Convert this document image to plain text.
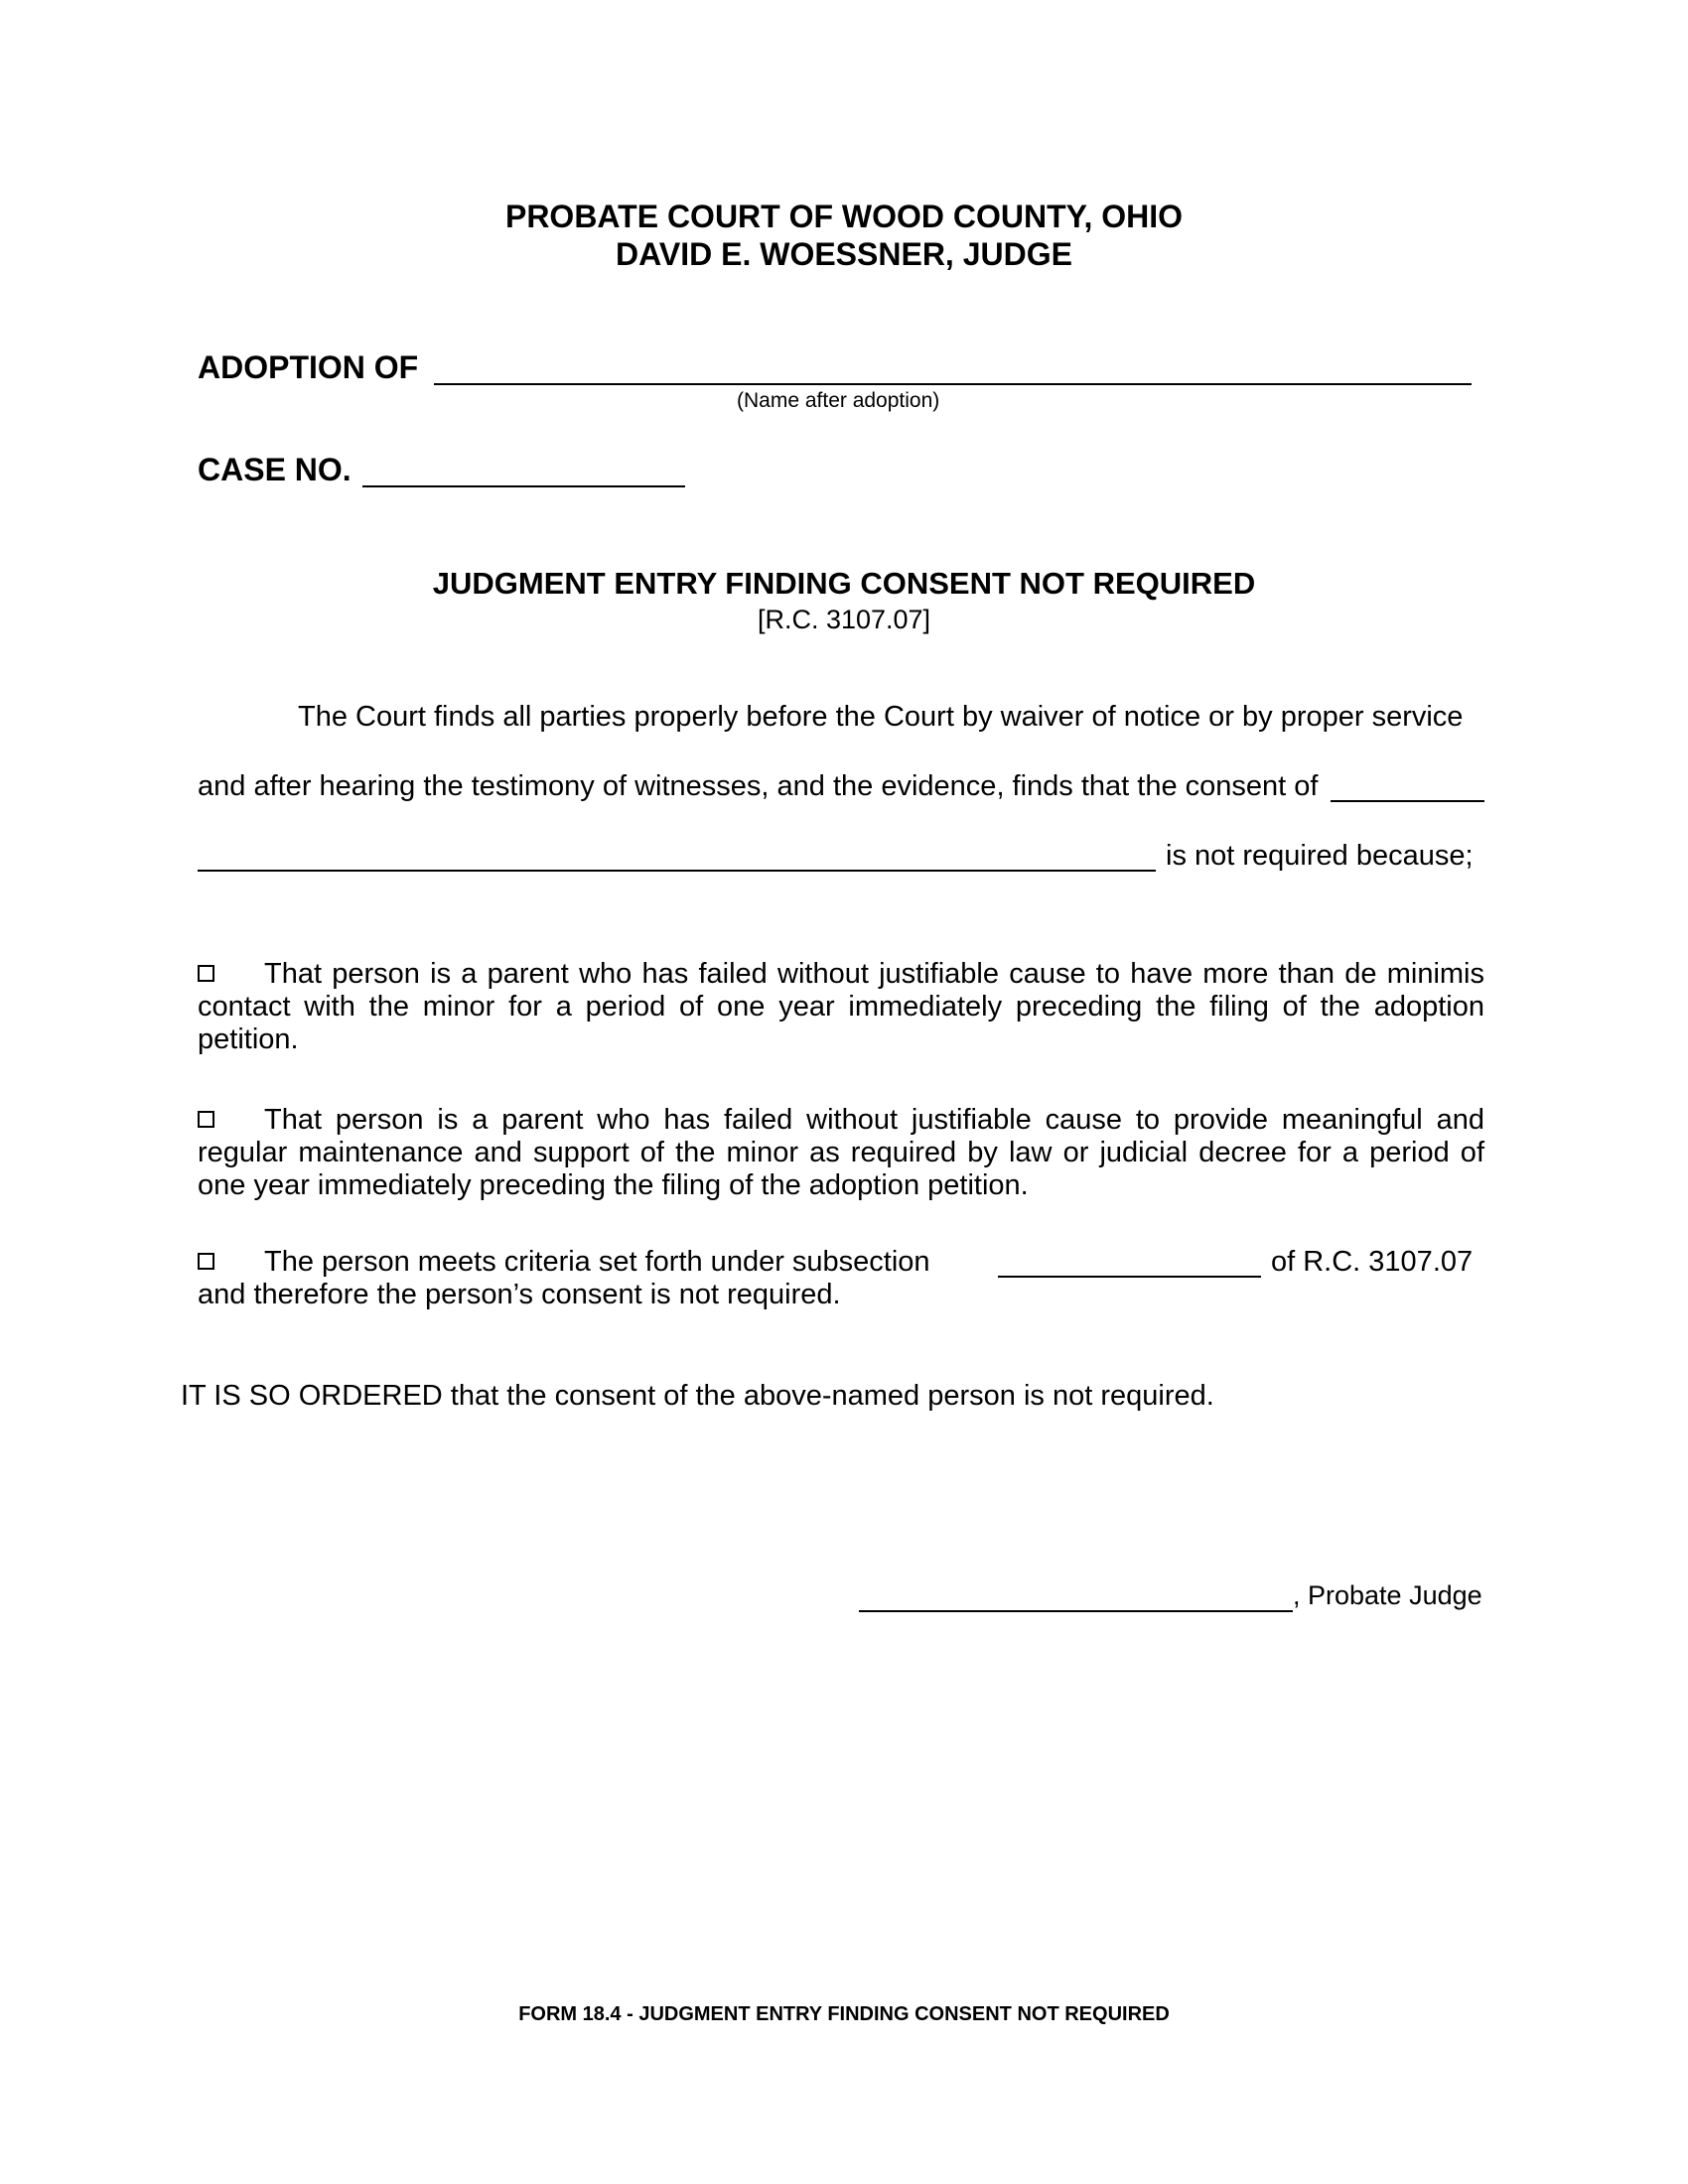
PROBATE COURT OF WOOD COUNTY, OHIO
DAVID E. WOESSNER, JUDGE
ADOPTION OF
(Name after adoption)
CASE NO.
JUDGMENT ENTRY FINDING CONSENT NOT REQUIRED
[R.C. 3107.07]
The Court finds all parties properly before the Court by waiver of notice or by proper service
and after hearing the testimony of witnesses, and the evidence, finds that the consent of
is not required because;
That person is a parent who has failed without justifiable cause to have more than de minimis contact with the minor for a period of one year immediately preceding the filing of the adoption petition.
That person is a parent who has failed without justifiable cause to provide meaningful and regular maintenance and support of the minor as required by law or judicial decree for a period of one year immediately preceding the filing of the adoption petition.
The person meets criteria set forth under subsection	of R.C. 3107.07
and therefore the person’s consent is not required.
IT IS SO ORDERED that the consent of the above-named person is not required.
, Probate Judge
FORM 18.4 - JUDGMENT ENTRY FINDING CONSENT NOT REQUIRED
